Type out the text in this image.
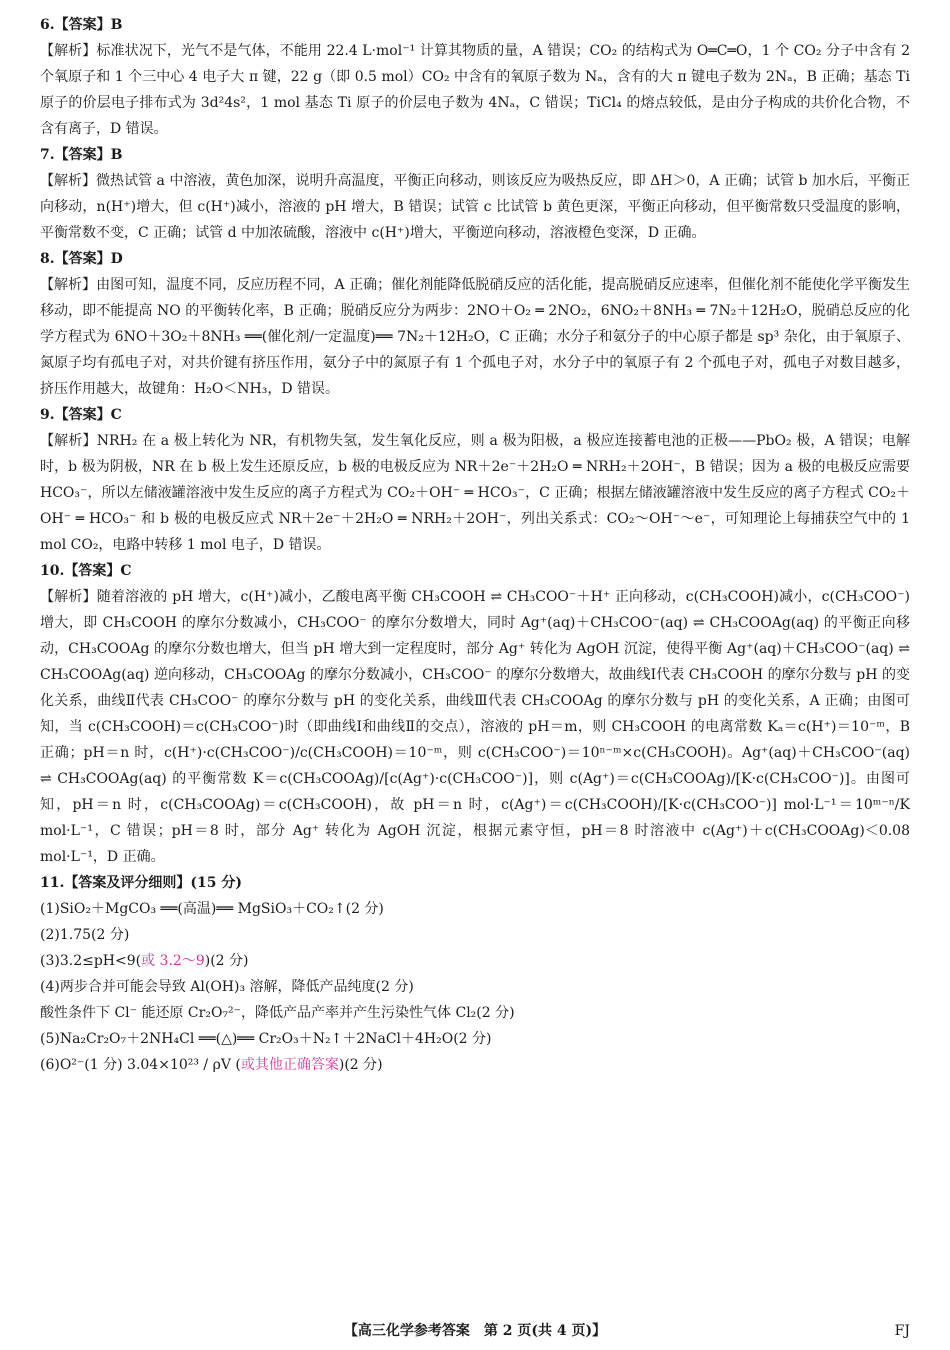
6.【答案】B

【解析】标准状况下，光气不是气体，不能用 22.4 L·mol⁻¹ 计算其物质的量，A 错误；CO₂ 的结构式为 O═C═O，1 个 CO₂ 分子中含有 2 个氧原子和 1 个三中心 4 电子大 π 键，22 g（即 0.5 mol）CO₂ 中含有的氧原子数为 Nₐ，含有的大 π 键电子数为 2Nₐ，B 正确；基态 Ti 原子的价层电子排布式为 3d²4s²，1 mol 基态 Ti 原子的价层电子数为 4Nₐ，C 错误；TiCl₄ 的熔点较低，是由分子构成的共价化合物，不含有离子，D 错误。

7.【答案】B

【解析】微热试管 a 中溶液，黄色加深，说明升高温度，平衡正向移动，则该反应为吸热反应，即 ΔH＞0，A 正确；试管 b 加水后，平衡正向移动，n(H⁺)增大，但 c(H⁺)减小，溶液的 pH 增大，B 错误；试管 c 比试管 b 黄色更深，平衡正向移动，但平衡常数只受温度的影响，平衡常数不变，C 正确；试管 d 中加浓硫酸，溶液中 c(H⁺)增大，平衡逆向移动，溶液橙色变深，D 正确。

8.【答案】D

【解析】由图可知，温度不同，反应历程不同，A 正确；催化剂能降低脱硝反应的活化能，提高脱硝反应速率，但催化剂不能使化学平衡发生移动，即不能提高 NO 的平衡转化率，B 正确；脱硝反应分为两步：2NO＋O₂ ═ 2NO₂，6NO₂＋8NH₃ ═ 7N₂＋12H₂O，脱硝总反应的化学方程式为 6NO＋3O₂＋8NH₃ ══(催化剂/一定温度)══ 7N₂＋12H₂O，C 正确；水分子和氨分子的中心原子都是 sp³ 杂化，由于氧原子、氮原子均有孤电子对，对共价键有挤压作用，氨分子中的氮原子有 1 个孤电子对，水分子中的氧原子有 2 个孤电子对，孤电子对数目越多，挤压作用越大，故键角：H₂O＜NH₃，D 错误。

9.【答案】C

【解析】NRH₂ 在 a 极上转化为 NR，有机物失氢，发生氧化反应，则 a 极为阳极，a 极应连接蓄电池的正极——PbO₂ 极，A 错误；电解时，b 极为阴极，NR 在 b 极上发生还原反应，b 极的电极反应为 NR＋2e⁻＋2H₂O ═ NRH₂＋2OH⁻，B 错误；因为 a 极的电极反应需要 HCO₃⁻，所以左储液罐溶液中发生反应的离子方程式为 CO₂＋OH⁻ ═ HCO₃⁻，C 正确；根据左储液罐溶液中发生反应的离子方程式 CO₂＋OH⁻ ═ HCO₃⁻ 和 b 极的电极反应式 NR＋2e⁻＋2H₂O ═ NRH₂＋2OH⁻，列出关系式：CO₂～OH⁻～e⁻，可知理论上每捕获空气中的 1 mol CO₂，电路中转移 1 mol 电子，D 错误。

10.【答案】C

【解析】随着溶液的 pH 增大，c(H⁺)减小，乙酸电离平衡 CH₃COOH ⇌ CH₃COO⁻＋H⁺ 正向移动，c(CH₃COOH)减小，c(CH₃COO⁻)增大，即 CH₃COOH 的摩尔分数减小，CH₃COO⁻ 的摩尔分数增大，同时 Ag⁺(aq)＋CH₃COO⁻(aq) ⇌ CH₃COOAg(aq) 的平衡正向移动，CH₃COOAg 的摩尔分数也增大，但当 pH 增大到一定程度时，部分 Ag⁺ 转化为 AgOH 沉淀，使得平衡 Ag⁺(aq)＋CH₃COO⁻(aq) ⇌ CH₃COOAg(aq) 逆向移动，CH₃COOAg 的摩尔分数减小，CH₃COO⁻ 的摩尔分数增大，故曲线Ⅰ代表 CH₃COOH 的摩尔分数与 pH 的变化关系，曲线Ⅱ代表 CH₃COO⁻ 的摩尔分数与 pH 的变化关系，曲线Ⅲ代表 CH₃COOAg 的摩尔分数与 pH 的变化关系，A 正确；由图可知，当 c(CH₃COOH)＝c(CH₃COO⁻)时（即曲线Ⅰ和曲线Ⅱ的交点），溶液的 pH＝m，则 CH₃COOH 的电离常数 Kₐ＝c(H⁺)＝10⁻ᵐ，B 正确；pH＝n 时，c(H⁺)·c(CH₃COO⁻)/c(CH₃COOH)＝10⁻ᵐ，则 c(CH₃COO⁻)＝10ⁿ⁻ᵐ×c(CH₃COOH)。Ag⁺(aq)＋CH₃COO⁻(aq) ⇌ CH₃COOAg(aq) 的平衡常数 K＝c(CH₃COOAg)/[c(Ag⁺)·c(CH₃COO⁻)]，则 c(Ag⁺)＝c(CH₃COOAg)/[K·c(CH₃COO⁻)]。由图可知，pH＝n 时，c(CH₃COOAg)＝c(CH₃COOH)，故 pH＝n 时，c(Ag⁺)＝c(CH₃COOH)/[K·c(CH₃COO⁻)] mol·L⁻¹＝10ᵐ⁻ⁿ/K mol·L⁻¹，C 错误；pH＝8 时，部分 Ag⁺ 转化为 AgOH 沉淀，根据元素守恒，pH＝8 时溶液中 c(Ag⁺)＋c(CH₃COOAg)＜0.08 mol·L⁻¹，D 正确。

11.【答案及评分细则】(15 分)

(1)SiO₂＋MgCO₃ ══(高温)══ MgSiO₃＋CO₂↑(2 分)

(2)1.75(2 分)

(3)3.2≤pH<9(或 3.2～9)(2 分)

(4)两步合并可能会导致 Al(OH)₃ 溶解，降低产品纯度(2 分)

酸性条件下 Cl⁻ 能还原 Cr₂O₇²⁻，降低产品产率并产生污染性气体 Cl₂(2 分)

(5)Na₂Cr₂O₇＋2NH₄Cl ══(△)══ Cr₂O₃＋N₂↑＋2NaCl＋4H₂O(2 分)

(6)O²⁻(1 分) 3.04×10²³ / ρV (或其他正确答案)(2 分)

【高三化学参考答案　第 2 页(共 4 页)】	FJ
